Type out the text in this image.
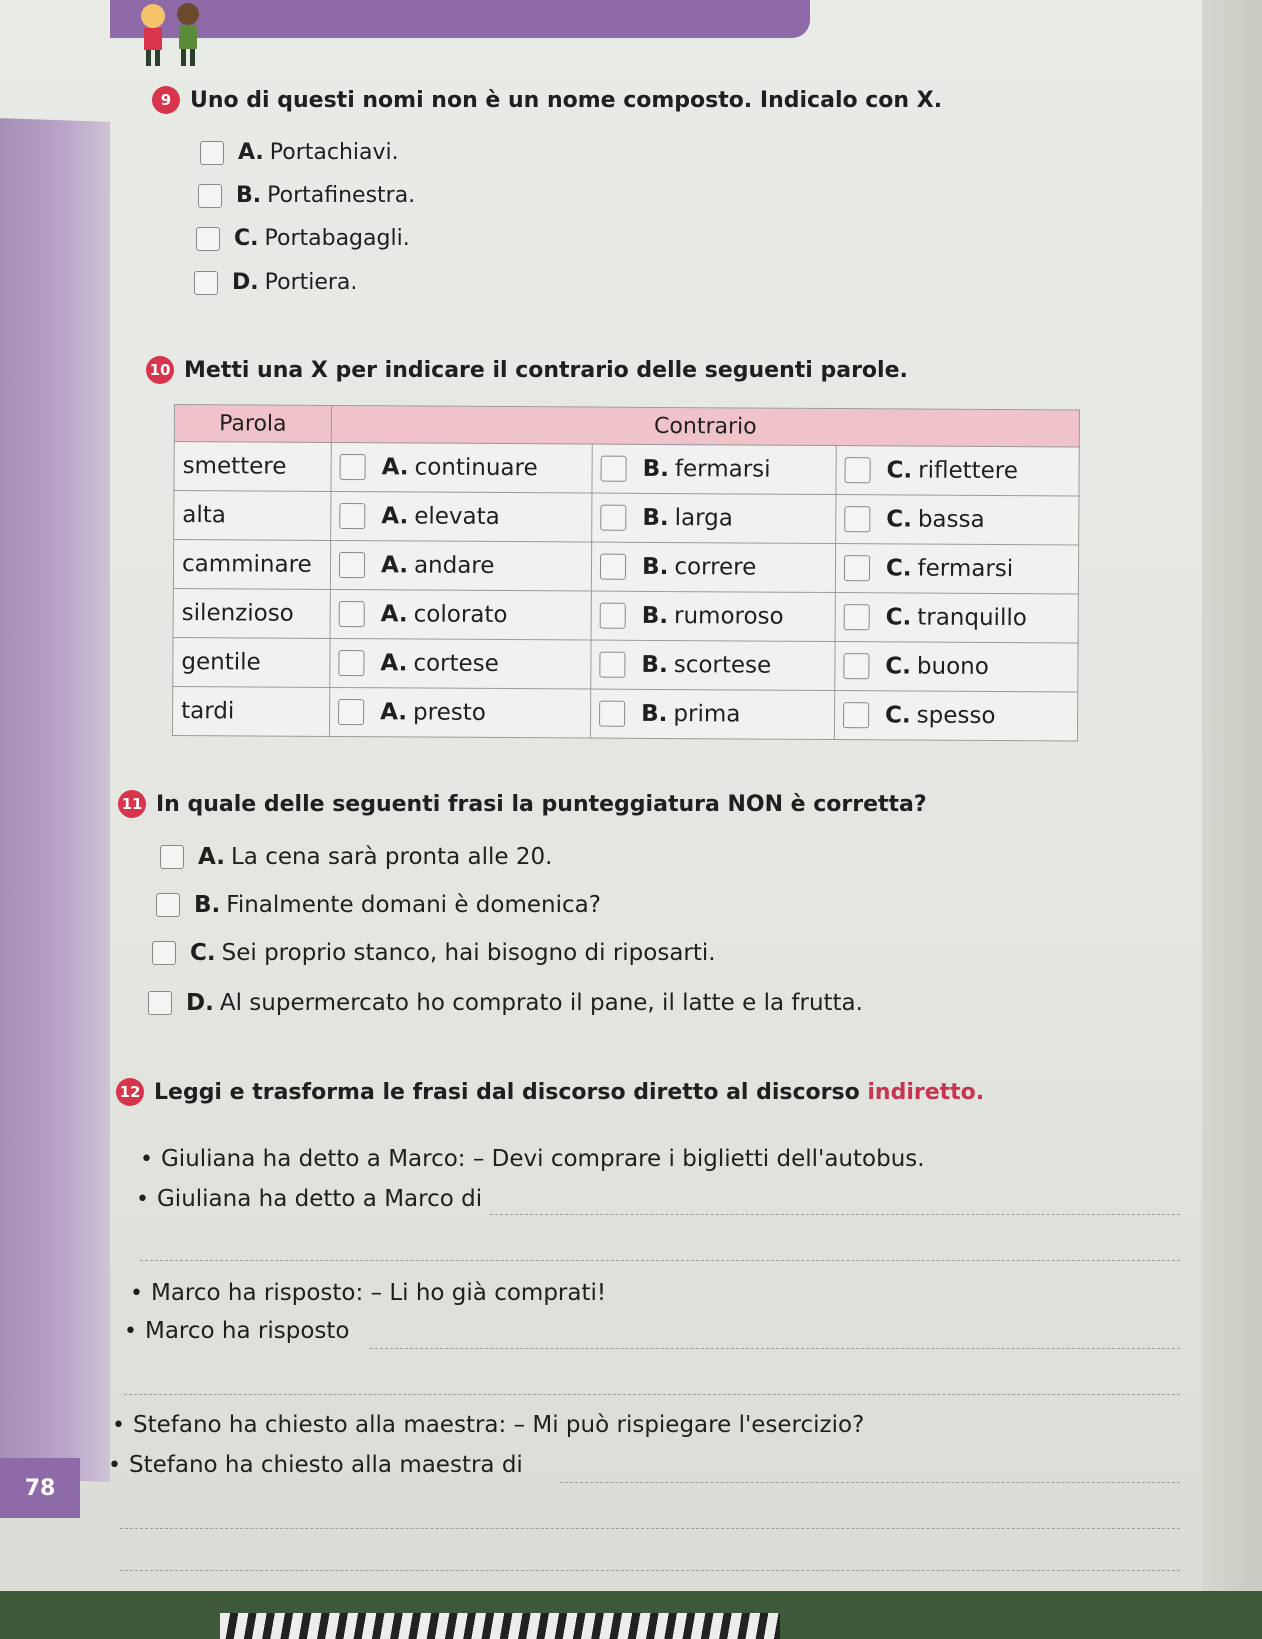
78
9 Uno di questi nomi non è un nome composto. Indicalo con X.
A. Portachiavi.
B. Portafinestra.
C. Portabagagli.
D. Portiera.
10 Metti una X per indicare il contrario delle seguenti parole.
Parola	Contrario		
smettere	A. continuare	B. fermarsi	C. riflettere

alta	A. elevata	B. larga	C. bassa

camminare	A. andare	B. correre	C. fermarsi

silenzioso	A. colorato	B. rumoroso	C. tranquillo

gentile	A. cortese	B. scortese	C. buono

tardi	A. presto	B. prima	C. spesso
11 In quale delle seguenti frasi la punteggiatura NON è corretta?
A. La cena sarà pronta alle 20.
B. Finalmente domani è domenica?
C. Sei proprio stanco, hai bisogno di riposarti.
D. Al supermercato ho comprato il pane, il latte e la frutta.
12 Leggi e trasforma le frasi dal discorso diretto al discorso indiretto.
• Giuliana ha detto a Marco: – Devi comprare i biglietti dell'autobus.
• Giuliana ha detto a Marco di
• Marco ha risposto: – Li ho già comprati!
• Marco ha risposto
• Stefano ha chiesto alla maestra: – Mi può rispiegare l'esercizio?
• Stefano ha chiesto alla maestra di
